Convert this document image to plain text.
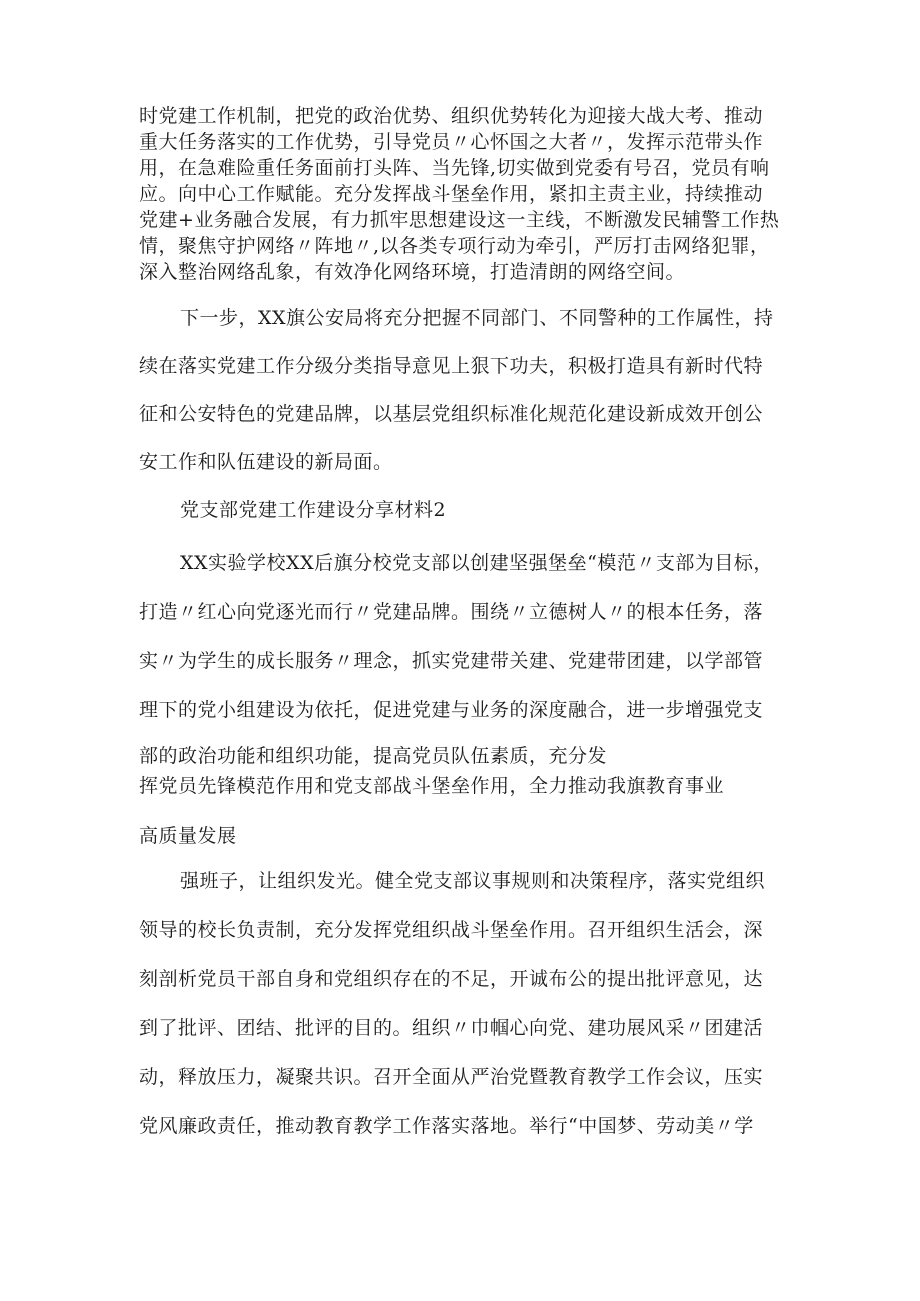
时党建工作机制，把党的政治优势、组织优势转化为迎接大战大考、推动
重大任务落实的工作优势，引导党员〃心怀国之大者〃，发挥示范带头作
用，在急难险重任务面前打头阵、当先锋,切实做到党委有号召，党员有响
应。向中心工作赋能。充分发挥战斗堡垒作用，紧扣主责主业，持续推动
党建+业务融合发展，有力抓牢思想建设这一主线，不断激发民辅警工作热
情，聚焦守护网络〃阵地〃,以各类专项行动为牵引，严厉打击网络犯罪，
深入整治网络乱象，有效净化网络环境，打造清朗的网络空间。
下一步，XX旗公安局将充分把握不同部门、不同警种的工作属性，持
续在落实党建工作分级分类指导意见上狠下功夫，积极打造具有新时代特
征和公安特色的党建品牌，以基层党组织标准化规范化建设新成效开创公
安工作和队伍建设的新局面。
党支部党建工作建设分享材料2
XX实验学校XX后旗分校党支部以创建坚强堡垒“模范〃支部为目标，
打造〃红心向党逐光而行〃党建品牌。围绕〃立德树人〃的根本任务，落
实〃为学生的成长服务〃理念，抓实党建带关建、党建带团建，以学部管
理下的党小组建设为依托，促进党建与业务的深度融合，进一步增强党支
部的政治功能和组织功能，提高党员队伍素质，充分发
挥党员先锋模范作用和党支部战斗堡垒作用，全力推动我旗教育事业
高质量发展
强班子，让组织发光。健全党支部议事规则和决策程序，落实党组织
领导的校长负责制，充分发挥党组织战斗堡垒作用。召开组织生活会，深
刻剖析党员干部自身和党组织存在的不足，开诚布公的提出批评意见，达
到了批评、团结、批评的目的。组织〃巾帼心向党、建功展风采〃团建活
动，释放压力，凝聚共识。召开全面从严治党暨教育教学工作会议，压实
党风廉政责任，推动教育教学工作落实落地。举行“中国梦、劳动美〃学
